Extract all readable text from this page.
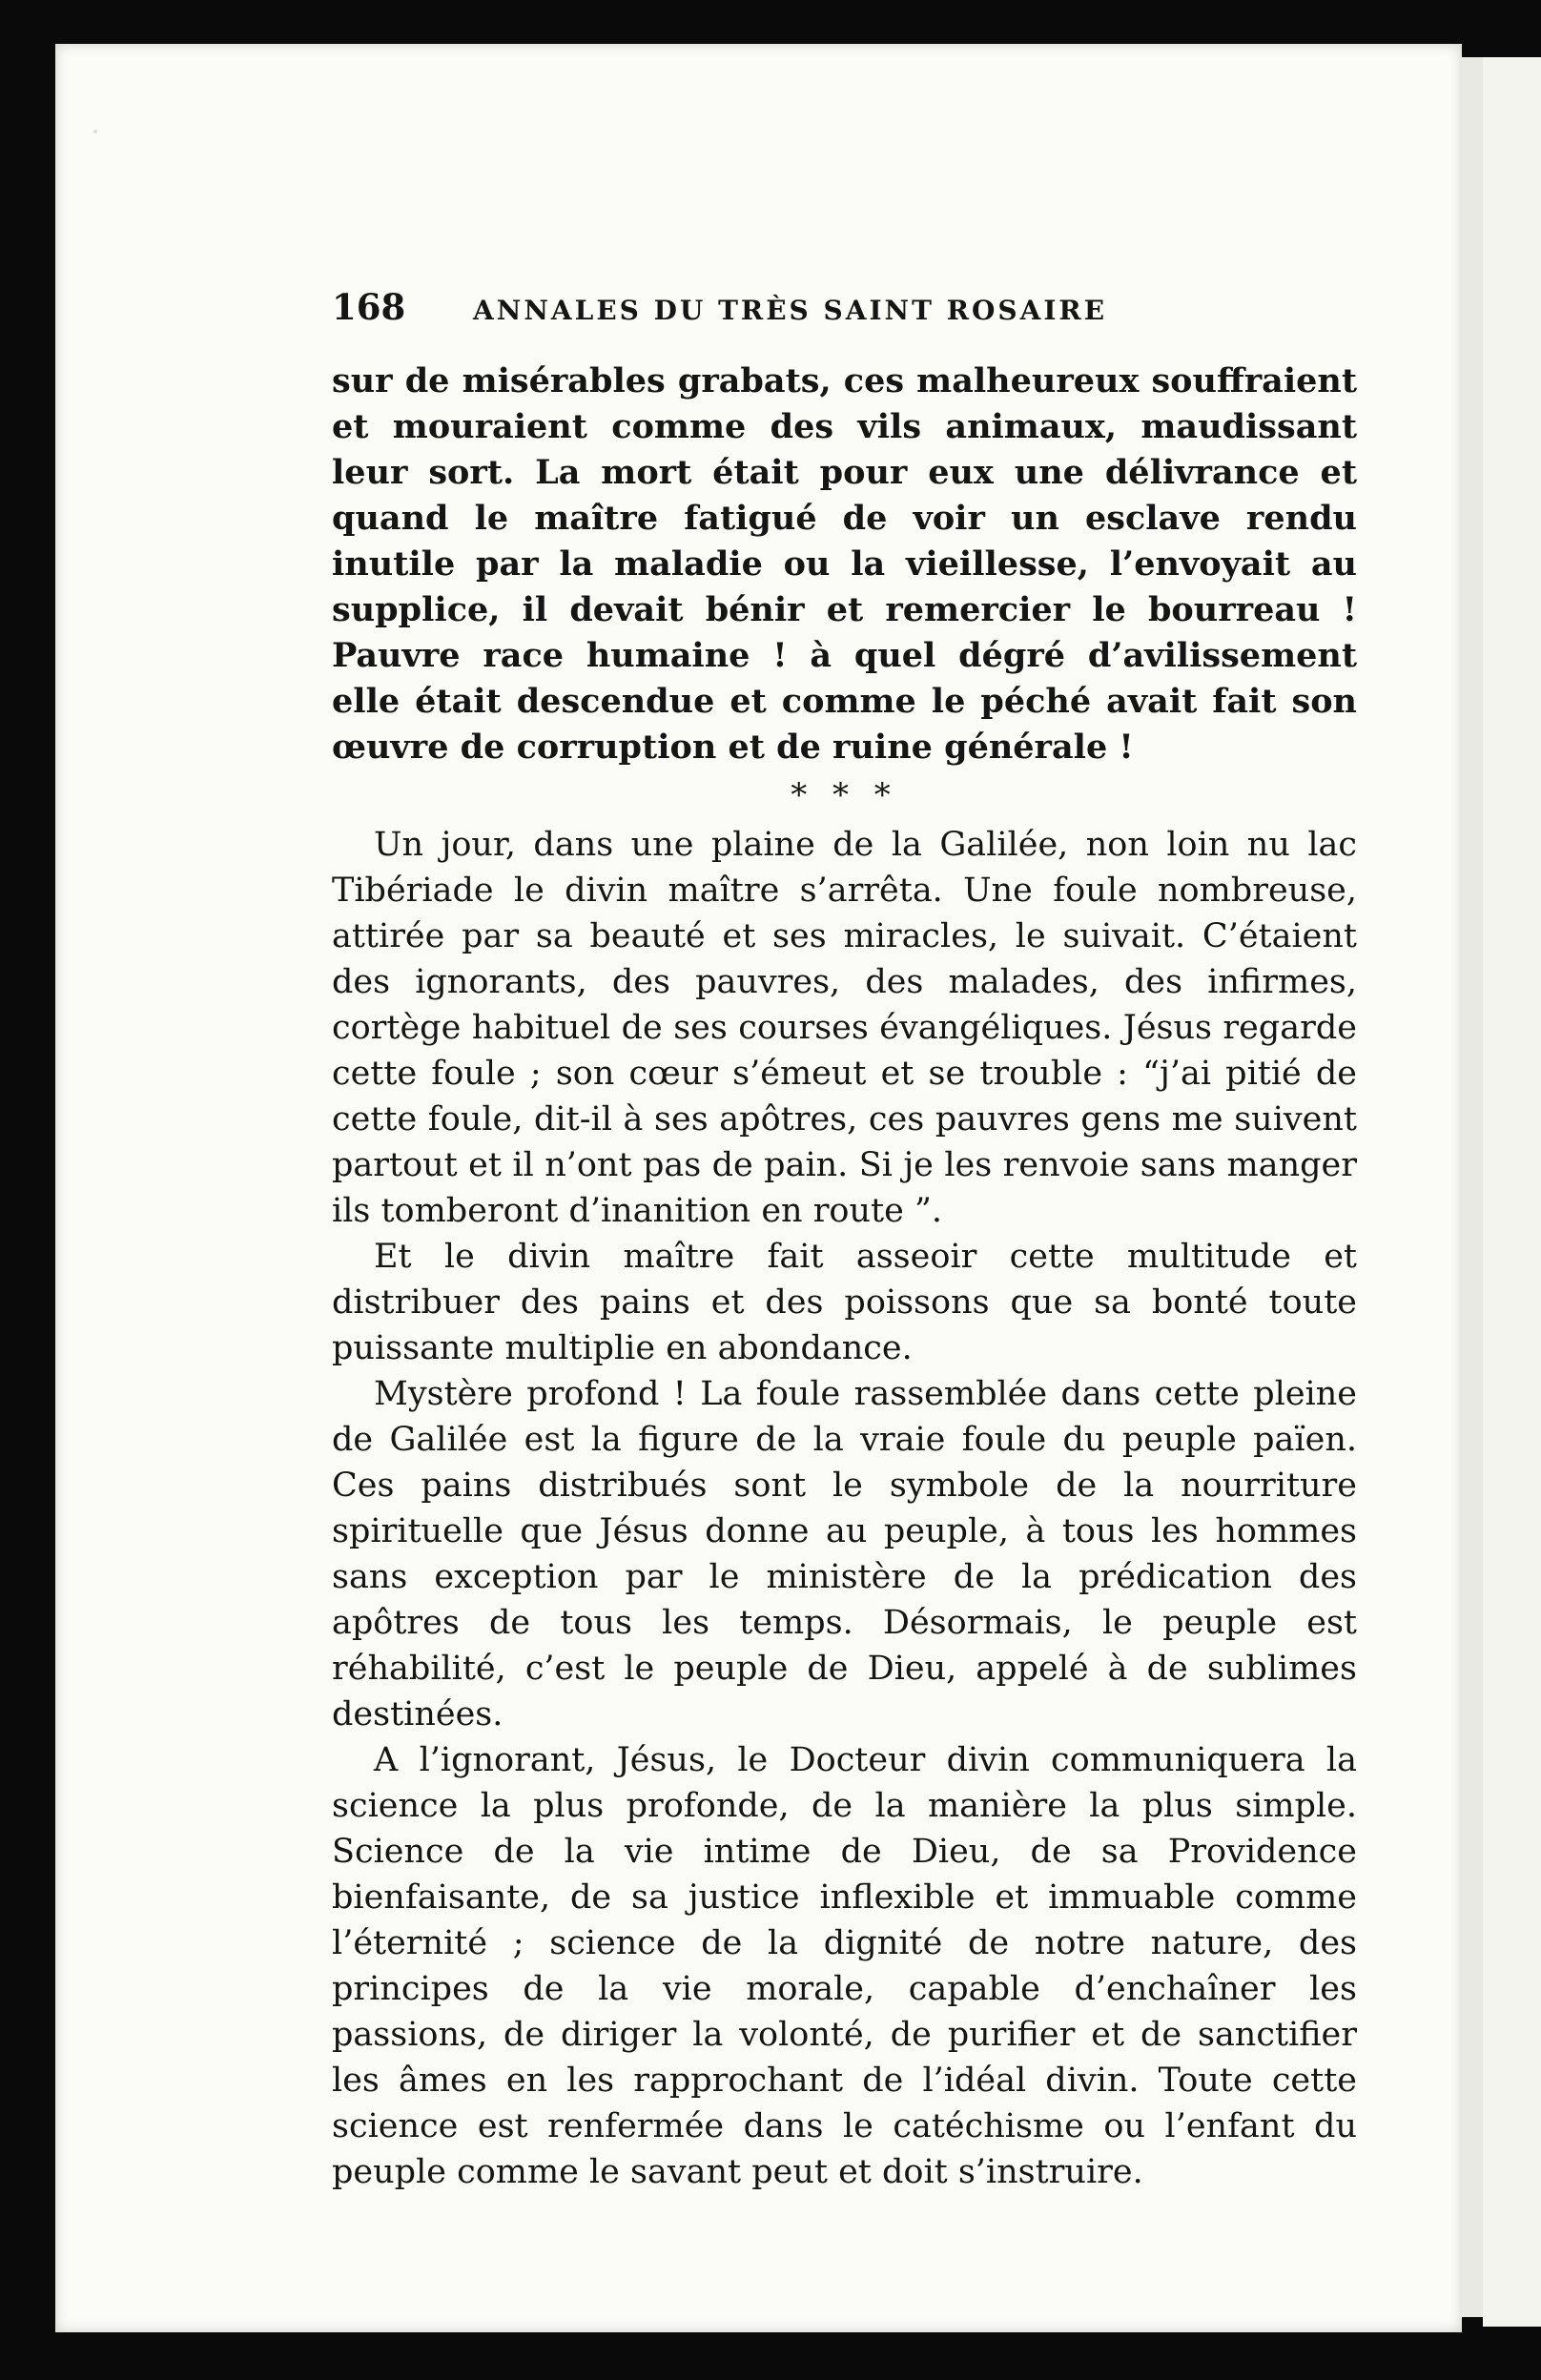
168	ANNALES DU TRÈS SAINT ROSAIRE

sur de misérables grabats, ces malheureux souffraient et mouraient comme des vils animaux, maudissant leur sort. La mort était pour eux une délivrance et quand le maître fatigué de voir un esclave rendu inutile par la maladie ou la vieillesse, l’envoyait au supplice, il devait bénir et remercier le bourreau ! Pauvre race humaine ! à quel dégré d’avilissement elle était descendue et comme le péché avait fait son œuvre de corruption et de ruine générale !

* * *

Un jour, dans une plaine de la Galilée, non loin nu lac Tibériade le divin maître s’arrêta. Une foule nombreuse, attirée par sa beauté et ses miracles, le suivait. C’étaient des ignorants, des pauvres, des malades, des infirmes, cortège habituel de ses courses évangéliques. Jésus regarde cette foule ; son cœur s’émeut et se trouble : “j’ai pitié de cette foule, dit-il à ses apôtres, ces pauvres gens me suivent partout et il n’ont pas de pain. Si je les renvoie sans manger ils tomberont d’inanition en route ”.

Et le divin maître fait asseoir cette multitude et distribuer des pains et des poissons que sa bonté toute puissante multiplie en abondance.

Mystère profond ! La foule rassemblée dans cette pleine de Galilée est la figure de la vraie foule du peuple païen. Ces pains distribués sont le symbole de la nourriture spirituelle que Jésus donne au peuple, à tous les hommes sans exception par le ministère de la prédication des apôtres de tous les temps. Désormais, le peuple est réhabilité, c’est le peuple de Dieu, appelé à de sublimes destinées.

A l’ignorant, Jésus, le Docteur divin communiquera la science la plus profonde, de la manière la plus simple. Science de la vie intime de Dieu, de sa Providence bienfaisante, de sa justice inflexible et immuable comme l’éternité ; science de la dignité de notre nature, des principes de la vie morale, capable d’enchaîner les passions, de diriger la volonté, de purifier et de sanctifier les âmes en les rapprochant de l’idéal divin. Toute cette science est renfermée dans le catéchisme ou l’enfant du peuple comme le savant peut et doit s’instruire.
